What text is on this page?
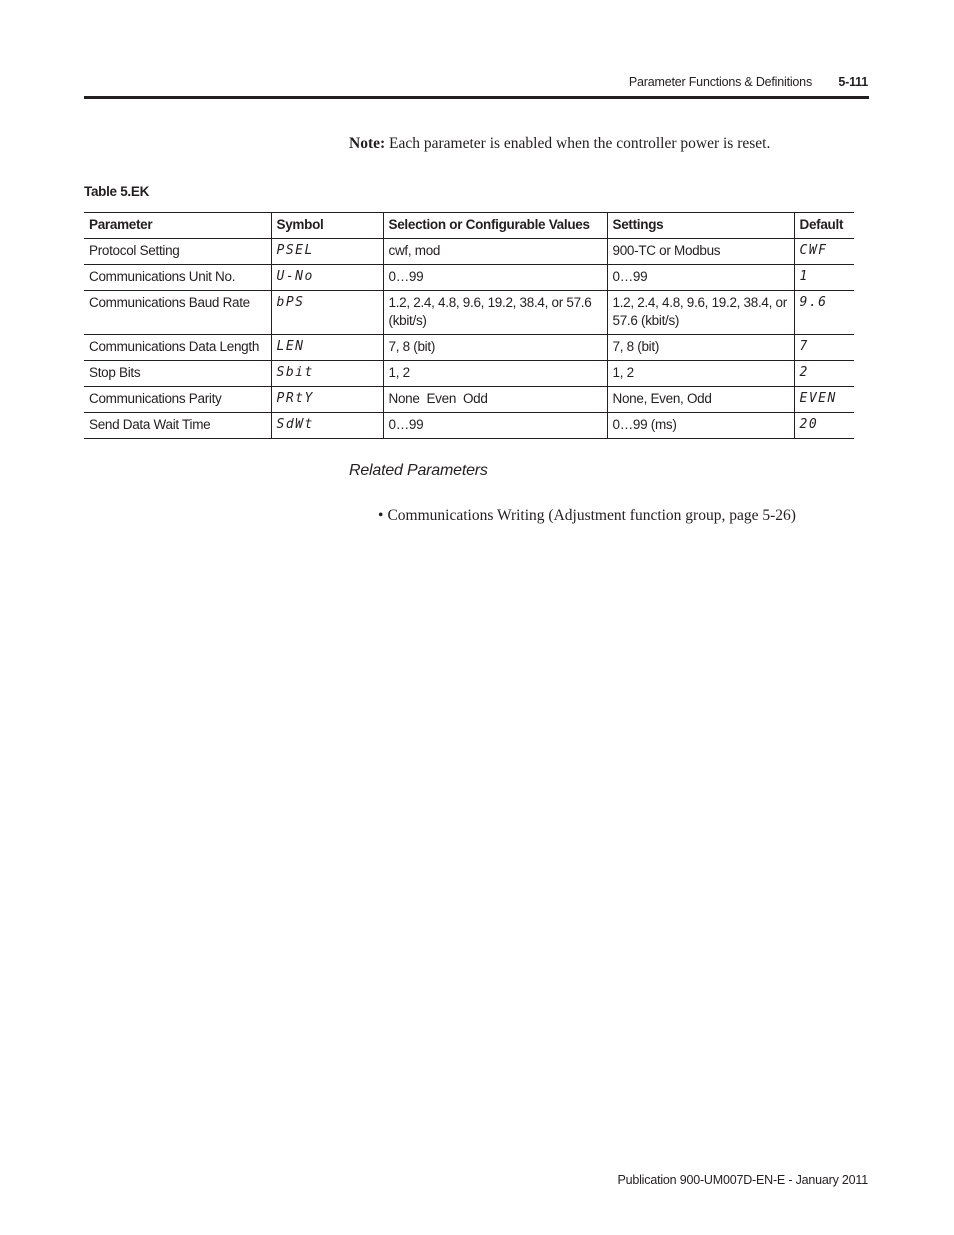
Parameter Functions & Definitions 5-111
Note: Each parameter is enabled when the controller power is reset.
Table 5.EK
Parameter	Symbol	Selection or Configurable Values	Settings	Default
Protocol Setting	PSEL	cwf, mod	900-TC or Modbus	CWF
Communications Unit No.	U-No	0…99	0…99	1
Communications Baud Rate	bPS	1.2, 2.4, 4.8, 9.6, 19.2, 38.4, or 57.6 (kbit/s)	1.2, 2.4, 4.8, 9.6, 19.2, 38.4, or 57.6 (kbit/s)	9.6
Communications Data Length	LEN	7, 8 (bit)	7, 8 (bit)	7
Stop Bits	Sbit	1, 2	1, 2	2
Communications Parity	PRtY	None  Even  Odd	None, Even, Odd	EVEN
Send Data Wait Time	SdWt	0…99	0…99 (ms)	20
Related Parameters
• Communications Writing (Adjustment function group, page 5-26)
Publication 900-UM007D-EN-E - January 2011
